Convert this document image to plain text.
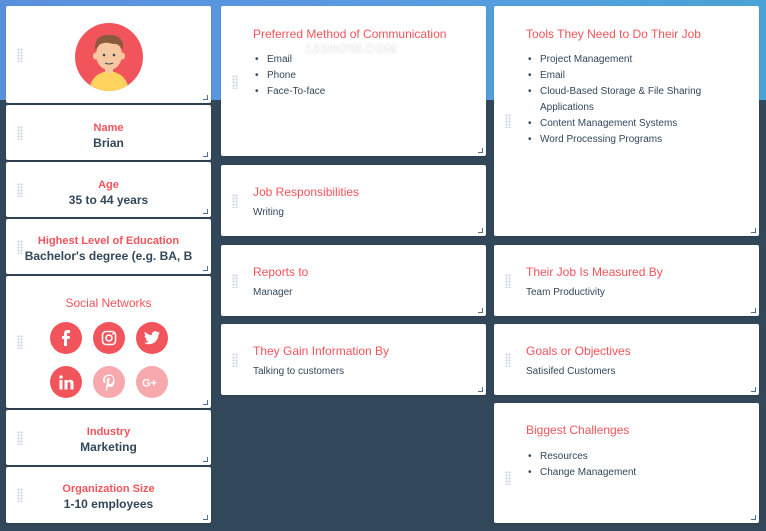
Name
Brian
Age
35 to 44 years
Highest Level of Education
Bachelor's degree (e.g. BA, B
Social Networks
G+
Industry
Marketing
Organization Size
1-10 employees
Preferred Method of Communication
• Email
• Phone
• Face-To-face
Job Responsibilities
Writing
Reports to
Manager
They Gain Information By
Talking to customers
Tools They Need to Do Their Job
• Project Management
• Email
• Cloud-Based Storage & File Sharing
Applications
• Content Management Systems
• Word Processing Programs
Their Job Is Measured By
Team Productivity
Goals or Objectives
Satisifed Customers
Biggest Challenges
• Resources
• Change Management
123HOW.COM
